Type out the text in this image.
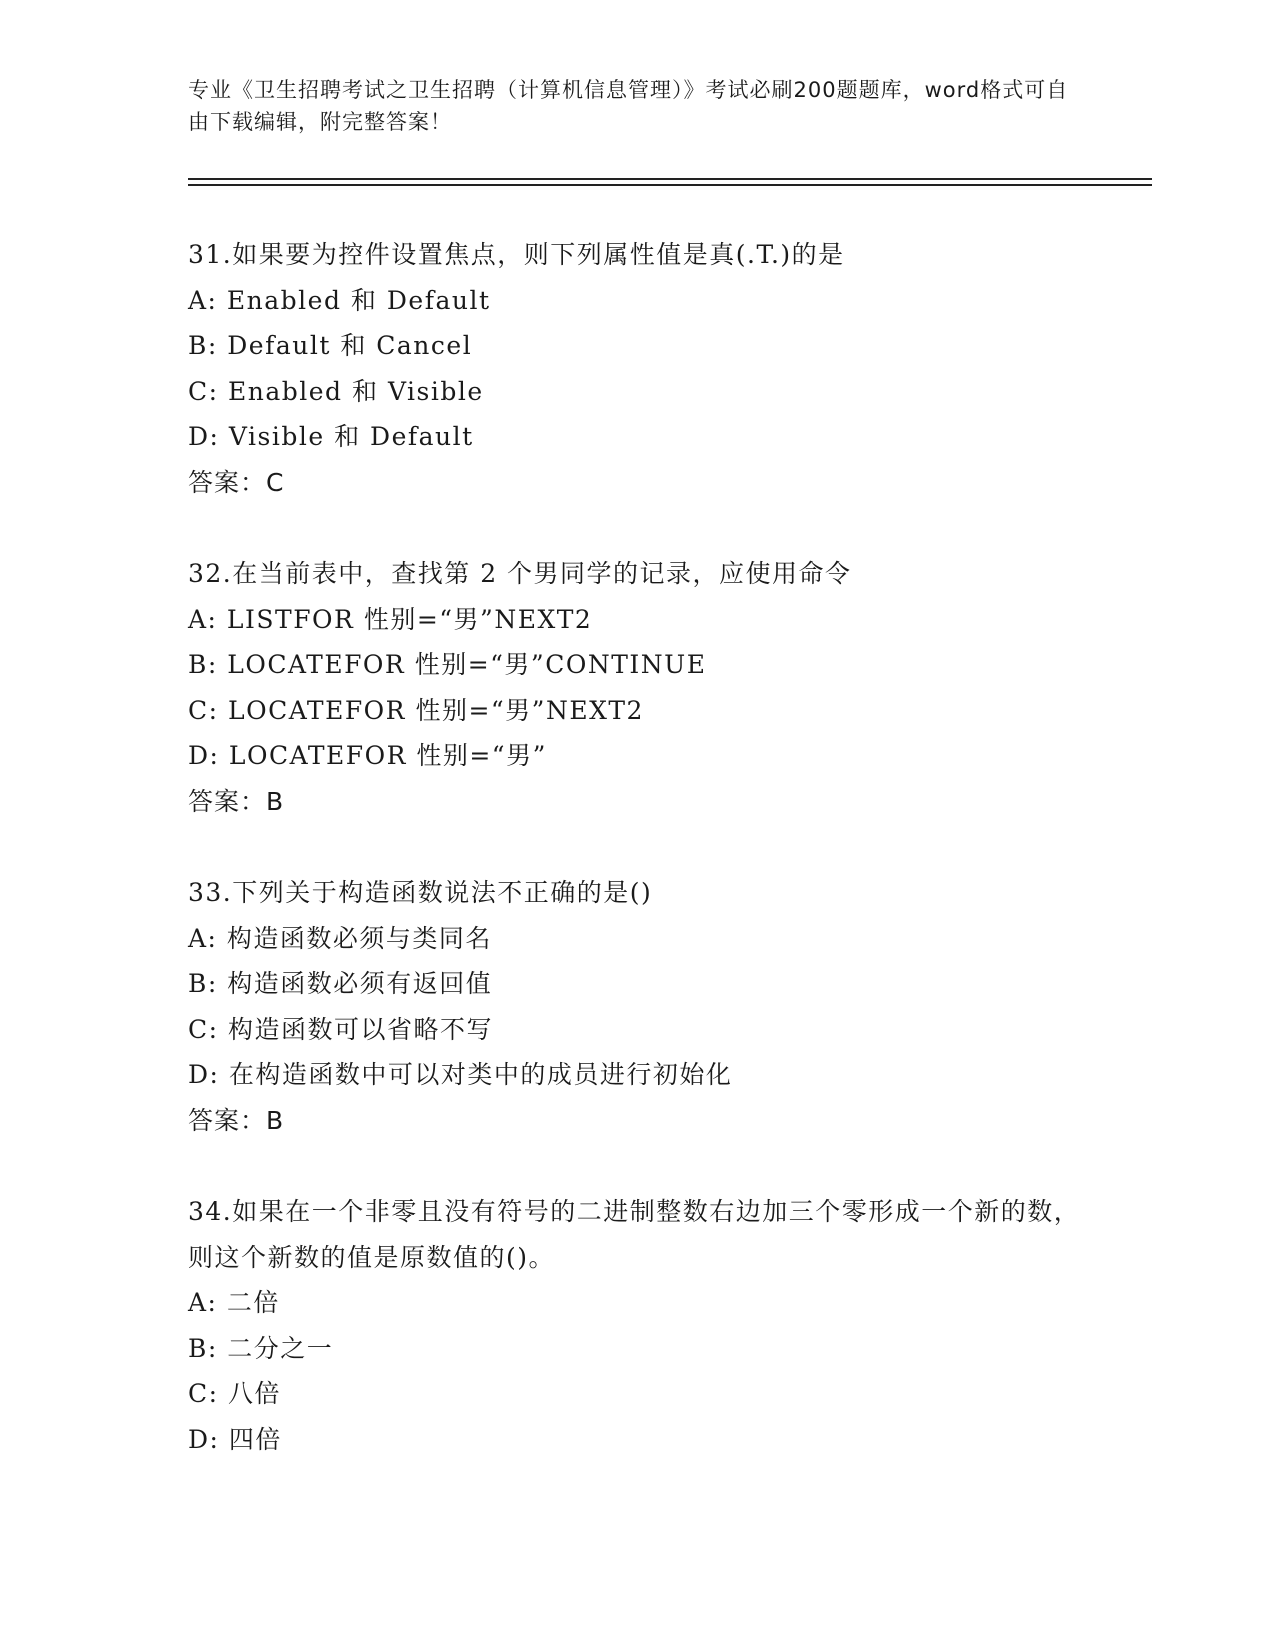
专业《卫生招聘考试之卫生招聘（计算机信息管理）》考试必刷200题题库，word格式可自由下载编辑，附完整答案！
31.如果要为控件设置焦点，则下列属性值是真(.T.)的是
A: Enabled 和 Default
B: Default 和 Cancel
C: Enabled 和 Visible
D: Visible 和 Default
答案：C
32.在当前表中，查找第 2 个男同学的记录，应使用命令
A: LISTFOR 性别=“男”NEXT2
B: LOCATEFOR 性别=“男”CONTINUE
C: LOCATEFOR 性别=“男”NEXT2
D: LOCATEFOR 性别=“男”
答案：B
33.下列关于构造函数说法不正确的是()
A: 构造函数必须与类同名
B: 构造函数必须有返回值
C: 构造函数可以省略不写
D: 在构造函数中可以对类中的成员进行初始化
答案：B
34.如果在一个非零且没有符号的二进制整数右边加三个零形成一个新的数，则这个新数的值是原数值的()。
A: 二倍
B: 二分之一
C: 八倍
D: 四倍
